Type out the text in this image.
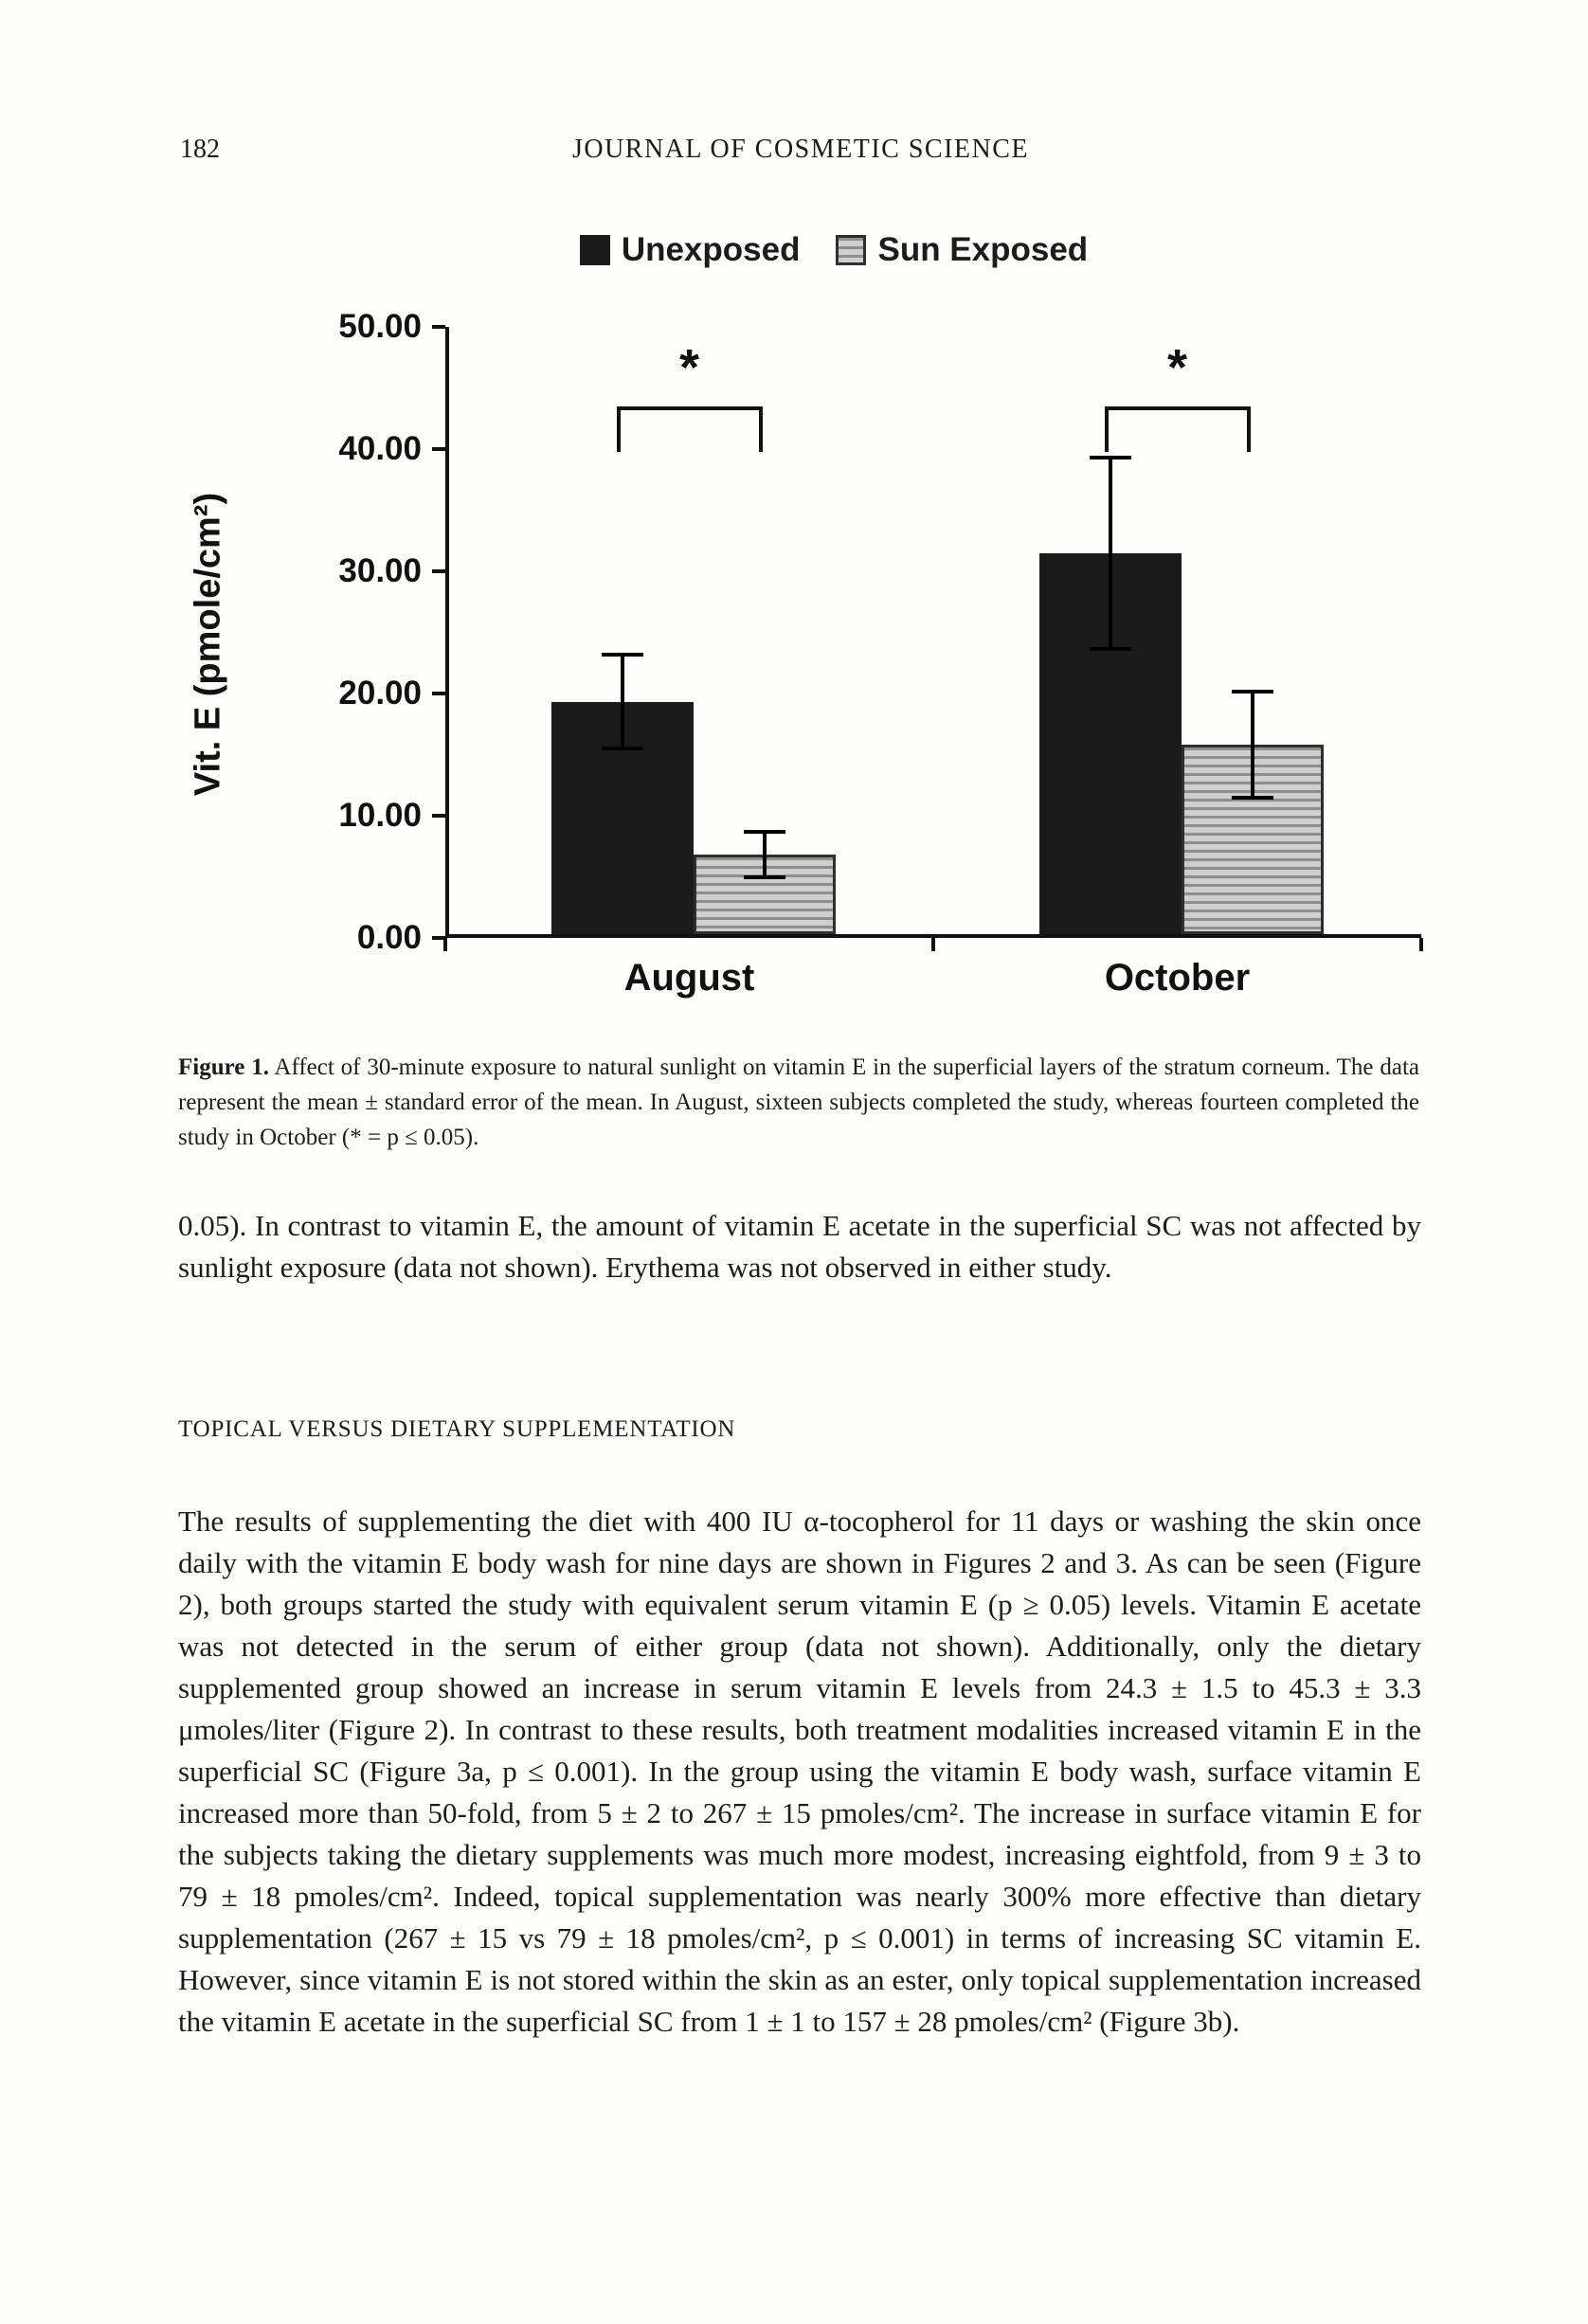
182	JOURNAL OF COSMETIC SCIENCE
Unexposed Sun Exposed
Vit. E (pmole/cm²)
0.00
10.00
20.00
30.00
40.00
50.00
August	October
*	*
Figure 1. Affect of 30-minute exposure to natural sunlight on vitamin E in the superficial layers of the stratum corneum. The data represent the mean ± standard error of the mean. In August, sixteen subjects completed the study, whereas fourteen completed the study in October (* = p ≤ 0.05).

0.05). In contrast to vitamin E, the amount of vitamin E acetate in the superficial SC was not affected by sunlight exposure (data not shown). Erythema was not observed in either study.

TOPICAL VERSUS DIETARY SUPPLEMENTATION

The results of supplementing the diet with 400 IU α-tocopherol for 11 days or washing the skin once daily with the vitamin E body wash for nine days are shown in Figures 2 and 3. As can be seen (Figure 2), both groups started the study with equivalent serum vitamin E (p ≥ 0.05) levels. Vitamin E acetate was not detected in the serum of either group (data not shown). Additionally, only the dietary supplemented group showed an increase in serum vitamin E levels from 24.3 ± 1.5 to 45.3 ± 3.3 μmoles/liter (Figure 2). In contrast to these results, both treatment modalities increased vitamin E in the superficial SC (Figure 3a, p ≤ 0.001). In the group using the vitamin E body wash, surface vitamin E increased more than 50-fold, from 5 ± 2 to 267 ± 15 pmoles/cm². The increase in surface vitamin E for the subjects taking the dietary supplements was much more modest, increasing eightfold, from 9 ± 3 to 79 ± 18 pmoles/cm². Indeed, topical supplementation was nearly 300% more effective than dietary supplementation (267 ± 15 vs 79 ± 18 pmoles/cm², p ≤ 0.001) in terms of increasing SC vitamin E. However, since vitamin E is not stored within the skin as an ester, only topical supplementation increased the vitamin E acetate in the superficial SC from 1 ± 1 to 157 ± 28 pmoles/cm² (Figure 3b).
